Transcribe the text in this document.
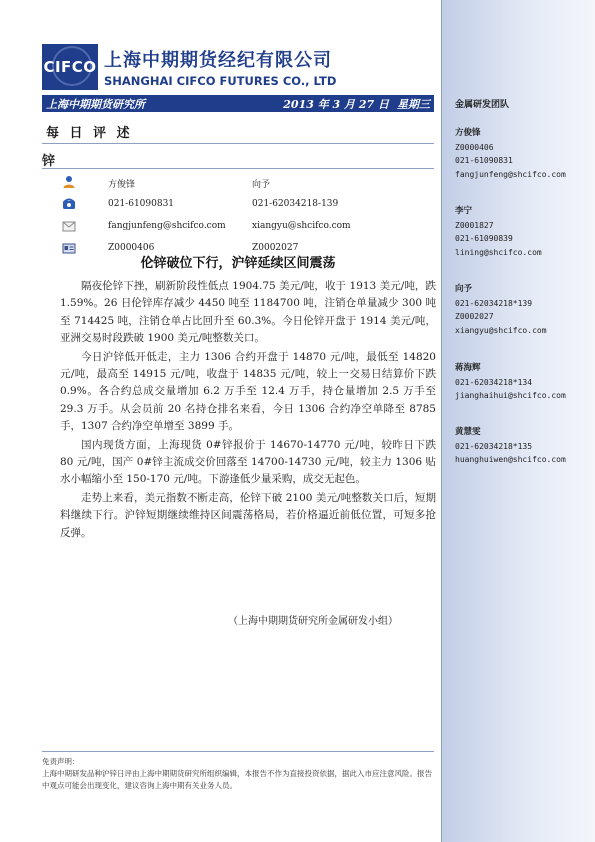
CIFCO 上海中期期货经纪有限公司
SHANGHAI CIFCO FUTURES CO., LTD
上海中期期货研究所	2013 年 3 月 27 日 星期三
每 日 评 述
锌
方俊锋	向予
021-61090831	021-62034218-139
fangjunfeng@shcifco.com	xiangyu@shcifco.com
Z0000406	Z0002027
伦锌破位下行，沪锌延续区间震荡

隔夜伦锌下挫，刷新阶段性低点 1904.75 美元/吨，收于 1913 美元/吨，跌 1.59%。26 日伦锌库存减少 4450 吨至 1184700 吨，注销仓单量减少 300 吨至 714425 吨，注销仓单占比回升至 60.3%。今日伦锌开盘于 1914 美元/吨，亚洲交易时段跌破 1900 美元/吨整数关口。

今日沪锌低开低走，主力 1306 合约开盘于 14870 元/吨，最低至 14820 元/吨，最高至 14915 元/吨，收盘于 14835 元/吨，较上一交易日结算价下跌 0.9%。各合约总成交量增加 6.2 万手至 12.4 万手，持仓量增加 2.5 万手至 29.3 万手。从会员前 20 名持仓排名来看，今日 1306 合约净空单降至 8785 手，1307 合约净空单增至 3899 手。

国内现货方面，上海现货 0#锌报价于 14670-14770 元/吨，较昨日下跌 80 元/吨，国产 0#锌主流成交价回落至 14700-14730 元/吨，较主力 1306 贴水小幅缩小至 150-170 元/吨。下游逢低少量采购，成交无起色。

走势上来看，美元指数不断走高，伦锌下破 2100 美元/吨整数关口后，短期料继续下行。沪锌短期继续维持区间震荡格局，若价格逼近前低位置，可短多抢反弹。

（上海中期期货研究所金属研发小组）
免责声明：
上海中期研发品种沪锌日评由上海中期期货研究所组织编辑，本报告不作为直接投资依据，据此入市应注意风险。报告中观点可能会出现变化，建议咨询上海中期有关业务人员。
金属研发团队
方俊锋
Z0000406
021-61090831
fangjunfeng@shcifco.com
李宁
Z0001827
021-61090839
lining@shcifco.com
向予
021-62034218*139
Z0002027
xiangyu@shcifco.com
蒋海辉
021-62034218*134
jianghaihui@shcifco.com
黄慧雯
021-62034218*135
huanghuiwen@shcifco.com
